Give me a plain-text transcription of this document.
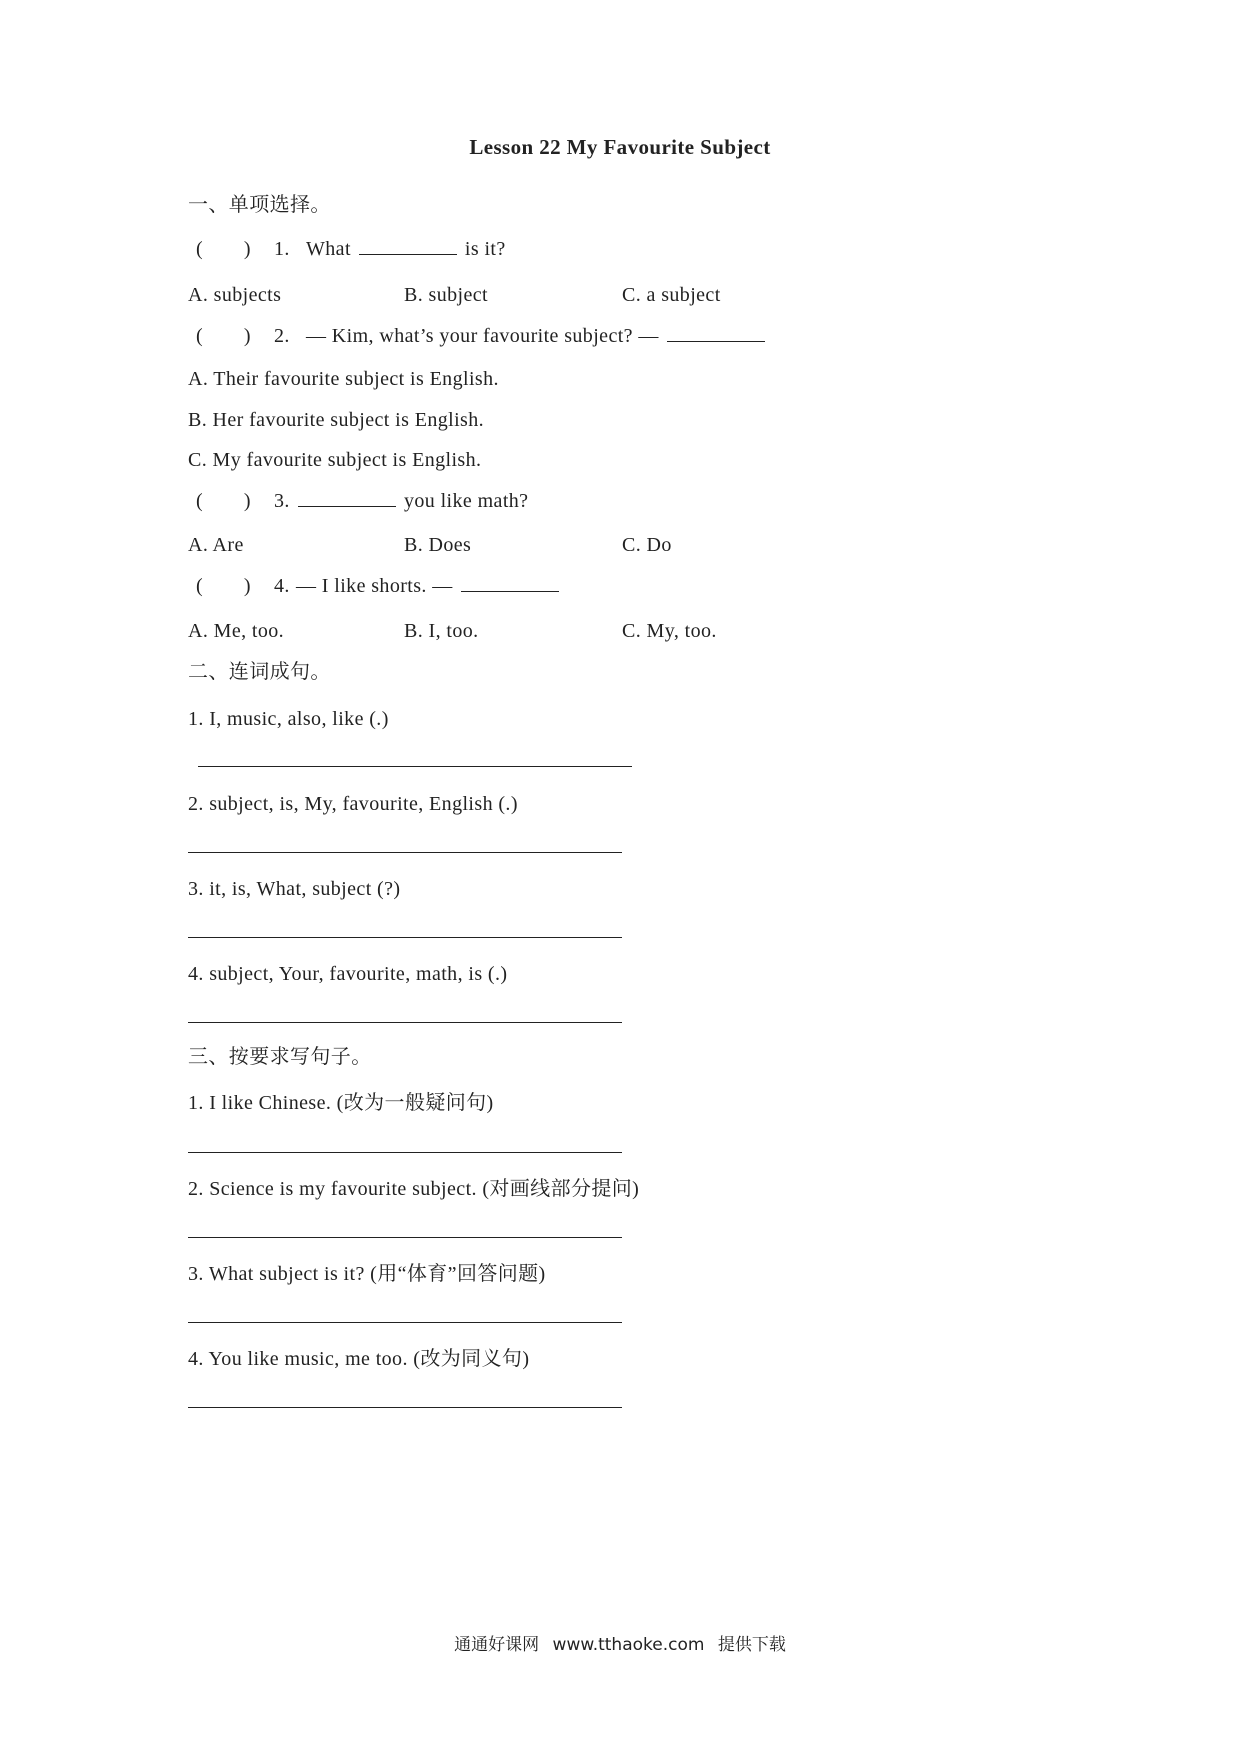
Lesson 22 My Favourite Subject
一、单项选择。
(　　) 1. What	is it?
A. subjects	B. subject	C. a subject
(　　) 2. — Kim, what’s your favourite subject? —
A. Their favourite subject is English.
B. Her favourite subject is English.
C. My favourite subject is English.
(　　) 3.	you like math?
A. Are	B. Does	C. Do
(　　) 4. — I like shorts. —
A. Me, too.	B. I, too.	C. My, too.
二、连词成句。
1. I, music, also, like (.)
2. subject, is, My, favourite, English (.)
3. it, is, What, subject (?)
4. subject, Your, favourite, math, is (.)
三、按要求写句子。
1. I like Chinese. (改为一般疑问句)
2. Science is my favourite subject. (对画线部分提问)
3. What subject is it? (用“体育”回答问题)
4. You like music, me too. (改为同义句)
通通好课网 www.tthaoke.com 提供下载
